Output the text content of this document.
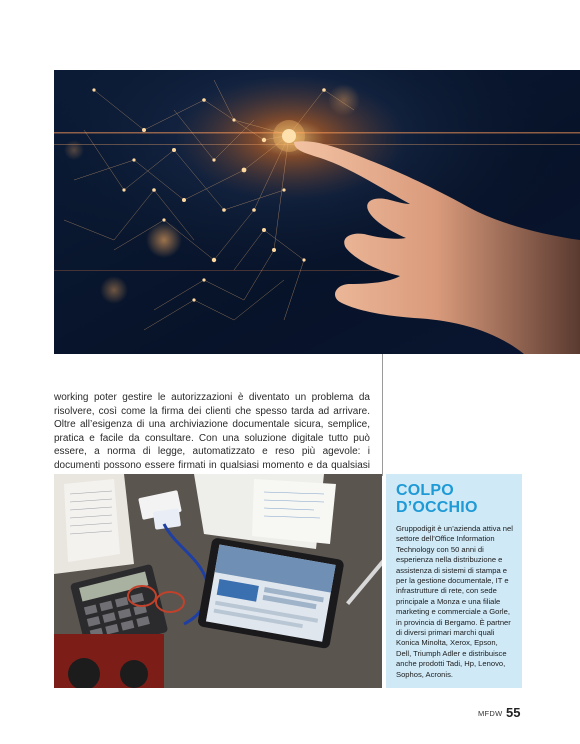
working poter gestire le autorizzazioni è diventato un problema da risolvere, così come la firma dei clienti che spesso tarda ad arrivare. Oltre all’esigenza di una archiviazione documentale sicura, semplice, pratica e facile da consultare. Con una soluzione digitale tutto può essere, a norma di legge, automatizzato e reso più agevole: i documenti possono essere firmati in qualsiasi momento e da qualsiasi

COLPO
D’OCCHIO
Gruppodigit è un’azienda attiva nel settore dell’Office Information Technology con 50 anni di esperienza nella distribuzione e assistenza di sistemi di stampa e per la gestione documentale, IT e infrastrutture di rete, con sede principale a Monza e una filiale marketing e commerciale a Gorle, in provincia di Bergamo. È partner di diversi primari marchi quali Konica Minolta, Xerox, Epson, Dell, Triumph Adler e distribuisce anche prodotti Tadi, Hp, Lenovo, Sophos, Acronis.
MFDW 55
